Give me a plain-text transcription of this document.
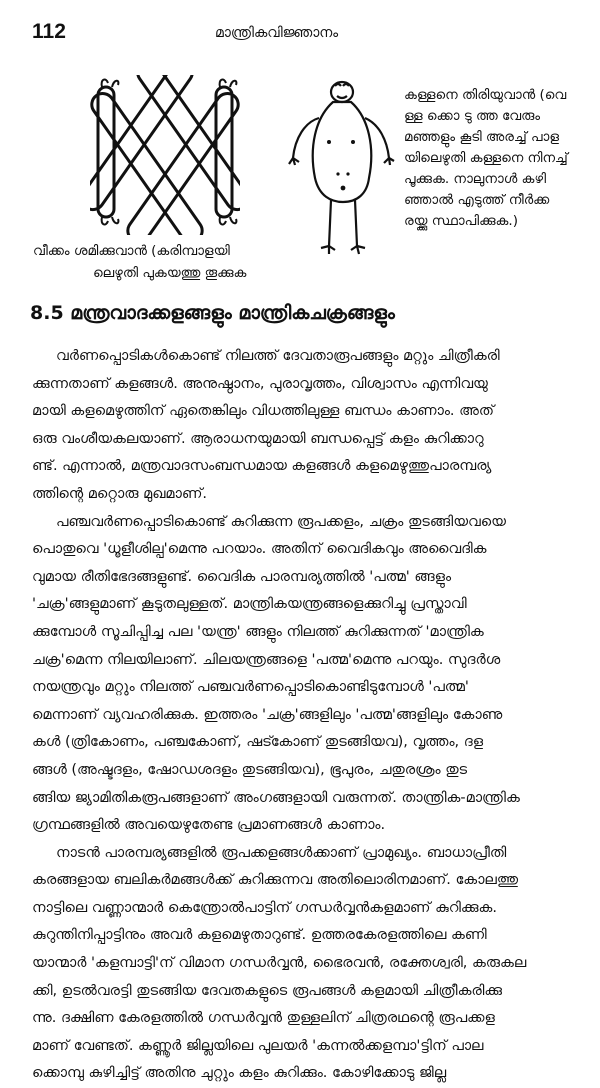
112	മാന്ത്രികവിജ്ഞാനം
വീക്കം ശമിക്കുവാൻ (കരിമ്പാളയി
ലെഴുതി പുകയത്തു തൂക്കുക
കള്ളനെ തിരിയുവാൻ (വെ
ള്ള ക്കൊ ടു ത്ത വേരും
മഞ്ഞളും കൂടി അരച്ച് പാള
യിലെഴുതി കള്ളനെ നിനച്ച്
പൂക്കുക. നാലുനാൾ കഴി
ഞ്ഞാൽ എടുത്ത് നീർക്ക
രയ്ക്കു സ്ഥാപിക്കുക.)
8.5 മന്ത്രവാദക്കളങ്ങളും മാന്ത്രികചക്രങ്ങളും
വർണപ്പൊടികൾകൊണ്ട് നിലത്ത് ദേവതാരൂപങ്ങളും മറ്റും ചിത്രീകരി
ക്കുന്നതാണ് കളങ്ങൾ. അനുഷ്ഠാനം, പുരാവൃത്തം, വിശ്വാസം എന്നിവയു
മായി കളമെഴുത്തിന് ഏതെങ്കിലും വിധത്തിലുള്ള ബന്ധം കാണാം. അത്
ഒരു വംശീയകലയാണ്. ആരാധനയുമായി ബന്ധപ്പെട്ട് കളം കുറിക്കാറു
ണ്ട്. എന്നാൽ, മന്ത്രവാദസംബന്ധമായ കളങ്ങൾ കളമെഴുത്തുപാരമ്പര്യ
ത്തിന്റെ മറ്റൊരു മുഖമാണ്.
പഞ്ചവർണപ്പൊടികൊണ്ട് കുറിക്കുന്ന രൂപക്കളം, ചക്രം തുടങ്ങിയവയെ
പൊതുവെ 'ധൂളീശില്പ'മെന്നു പറയാം. അതിന് വൈദികവും അവൈദിക
വുമായ രീതിഭേദങ്ങളുണ്ട്. വൈദിക പാരമ്പര്യത്തിൽ 'പത്മ' ങ്ങളും
'ചക്ര'ങ്ങളുമാണ് കൂടുതലുള്ളത്. മാന്ത്രികയന്ത്രങ്ങളെക്കുറിച്ചു പ്രസ്താവി
ക്കുമ്പോൾ സൂചിപ്പിച്ച പല 'യന്ത്ര' ങ്ങളും നിലത്ത് കുറിക്കുന്നത് 'മാന്ത്രിക
ചക്ര'മെന്ന നിലയിലാണ്. ചിലയന്ത്രങ്ങളെ 'പത്മ'മെന്നു പറയും. സുദർശ
നയന്ത്രവും മറ്റും നിലത്ത് പഞ്ചവർണപ്പൊടികൊണ്ടിടുമ്പോൾ 'പത്മ'
മെന്നാണ് വ്യവഹരിക്കുക. ഇത്തരം 'ചക്ര'ങ്ങളിലും 'പത്മ'ങ്ങളിലും കോണു
കൾ (ത്രികോണം, പഞ്ചകോണ്, ഷട്കോണ് തുടങ്ങിയവ), വൃത്തം, ദള
ങ്ങൾ (അഷ്ടദളം, ഷോഡശദളം തുടങ്ങിയവ), ഭൂപുരം, ചതുരശ്രം തുട
ങ്ങിയ ജ്യാമിതികരൂപങ്ങളാണ് അംഗങ്ങളായി വരുന്നത്. താന്ത്രിക-മാന്ത്രിക
ഗ്രന്ഥങ്ങളിൽ അവയെഴുതേണ്ട പ്രമാണങ്ങൾ കാണാം.
നാടൻ പാരമ്പര്യങ്ങളിൽ രൂപക്കളങ്ങൾക്കാണ് പ്രാമുഖ്യം. ബാധാപ്രീതി
കരങ്ങളായ ബലികർമങ്ങൾക്ക് കുറിക്കുന്നവ അതിലൊരിനമാണ്. കോലത്തു
നാട്ടിലെ വണ്ണാന്മാർ കെന്ത്രോൽപാട്ടിന് ഗന്ധർവ്വൻകളമാണ് കുറിക്കുക.
കുറുന്തിനിപ്പാട്ടിനും അവർ കളമെഴുതാറുണ്ട്. ഉത്തരകേരളത്തിലെ കണി
യാന്മാർ 'കളമ്പാട്ടി'ന് വിമാന ഗന്ധർവ്വൻ, ഭൈരവൻ, രക്തേശ്വരി, കരുകല
ക്കി, ഉടൽവരട്ടി തുടങ്ങിയ ദേവതകളുടെ രൂപങ്ങൾ കളമായി ചിത്രീകരിക്കു
ന്നു. ദക്ഷിണ കേരളത്തിൽ ഗന്ധർവ്വൻ തുള്ളലിന് ചിത്രരഥന്റെ രൂപക്കള
മാണ് വേണ്ടത്. കണ്ണൂർ ജില്ലയിലെ പുലയർ 'കന്നൽക്കളമ്പാ'ട്ടിന് പാല
ക്കൊമ്പു കുഴിച്ചിട്ട് അതിനു ചുറ്റും കളം കുറിക്കും. കോഴിക്കോടു ജില്ല
